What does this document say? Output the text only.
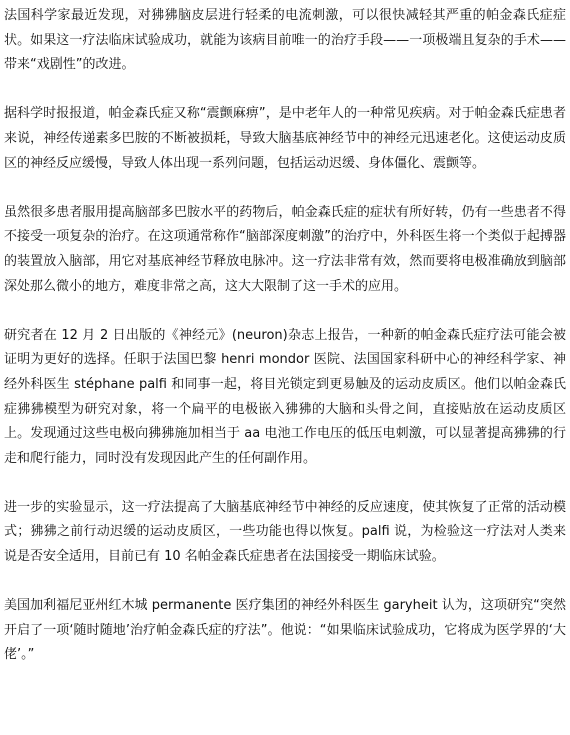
法国科学家最近发现，对狒狒脑皮层进行轻柔的电流刺激，可以很快减轻其严重的帕金森氏症症状。如果这一疗法临床试验成功，就能为该病目前唯一的治疗手段——一项极端且复杂的手术——带来“戏剧性”的改进。

据科学时报报道，帕金森氏症又称“震颤麻痹”，是中老年人的一种常见疾病。对于帕金森氏症患者来说，神经传递素多巴胺的不断被损耗，导致大脑基底神经节中的神经元迅速老化。这使运动皮质区的神经反应缓慢，导致人体出现一系列问题，包括运动迟缓、身体僵化、震颤等。

虽然很多患者服用提高脑部多巴胺水平的药物后，帕金森氏症的症状有所好转，仍有一些患者不得不接受一项复杂的治疗。在这项通常称作“脑部深度刺激”的治疗中，外科医生将一个类似于起搏器的装置放入脑部，用它对基底神经节释放电脉冲。这一疗法非常有效，然而要将电极准确放到脑部深处那么微小的地方，难度非常之高，这大大限制了这一手术的应用。

研究者在 12 月 2 日出版的《神经元》(neuron)杂志上报告，一种新的帕金森氏症疗法可能会被证明为更好的选择。任职于法国巴黎 henri mondor 医院、法国国家科研中心的神经科学家、神经外科医生 stéphane palfi 和同事一起，将目光锁定到更易触及的运动皮质区。他们以帕金森氏症狒狒模型为研究对象，将一个扁平的电极嵌入狒狒的大脑和头骨之间，直接贴放在运动皮质区上。发现通过这些电极向狒狒施加相当于 aa 电池工作电压的低压电刺激，可以显著提高狒狒的行走和爬行能力，同时没有发现因此产生的任何副作用。

进一步的实验显示，这一疗法提高了大脑基底神经节中神经的反应速度，使其恢复了正常的活动模式；狒狒之前行动迟缓的运动皮质区，一些功能也得以恢复。palfi 说，为检验这一疗法对人类来说是否安全适用，目前已有 10 名帕金森氏症患者在法国接受一期临床试验。

美国加利福尼亚州红木城 permanente 医疗集团的神经外科医生 garyheit 认为，这项研究“突然开启了一项‘随时随地’治疗帕金森氏症的疗法”。他说：“如果临床试验成功，它将成为医学界的‘大佬’。”
